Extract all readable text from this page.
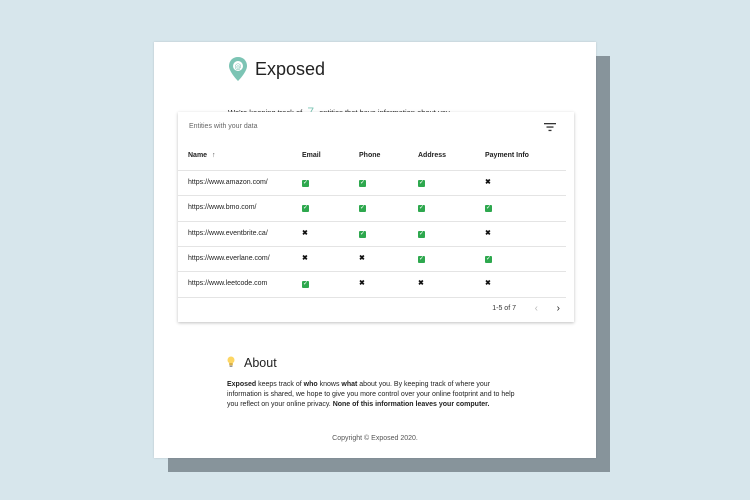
@ Exposed
Entities with your data
Name ↑	Email	Phone	Address	Payment Info
https://www.amazon.com/	✓	✓	✓	✖
https://www.bmo.com/	✓	✓	✓	✓
https://www.eventbrite.ca/	✖	✓	✓	✖
https://www.everlane.com/	✖	✖	✓	✓
https://www.leetcode.com	✓	✖	✖	✖
1-5 of 7 ‹ ›
About
Exposed keeps track of who knows what about you. By keeping track of where your information is shared, we hope to give you more control over your online footprint and to help you reflect on your online privacy. None of this information leaves your computer.
Copyright © Exposed 2020.
